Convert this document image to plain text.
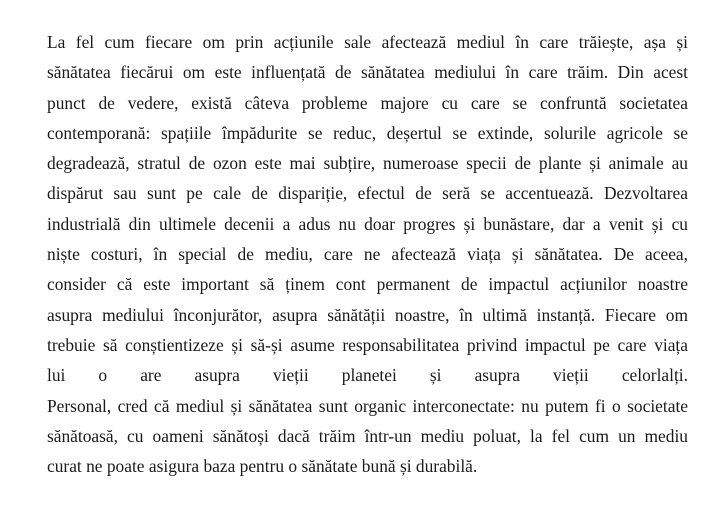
La fel cum fiecare om prin acțiunile sale afectează mediul în care trăiește, așa și
sănătatea fiecărui om este influențată de sănătatea mediului în care trăim. Din acest
punct de vedere, există câteva probleme majore cu care se confruntă societatea
contemporană: spațiile împădurite se reduc, deșertul se extinde, solurile agricole se
degradează, stratul de ozon este mai subțire, numeroase specii de plante și animale au
dispărut sau sunt pe cale de dispariție, efectul de seră se accentuează. Dezvoltarea
industrială din ultimele decenii a adus nu doar progres și bunăstare, dar a venit și cu
niște costuri, în special de mediu, care ne afectează viața și sănătatea. De aceea,
consider că este important să ținem cont permanent de impactul acțiunilor noastre
asupra mediului înconjurător, asupra sănătății noastre, în ultimă instanță. Fiecare om
trebuie să conștientizeze și să-și asume responsabilitatea privind impactul pe care viața
lui o are asupra vieții planetei și asupra vieții celorlalți.
Personal, cred că mediul și sănătatea sunt organic interconectate: nu putem fi o societate
sănătoasă, cu oameni sănătoși dacă trăim într-un mediu poluat, la fel cum un mediu
curat ne poate asigura baza pentru o sănătate bună și durabilă.
